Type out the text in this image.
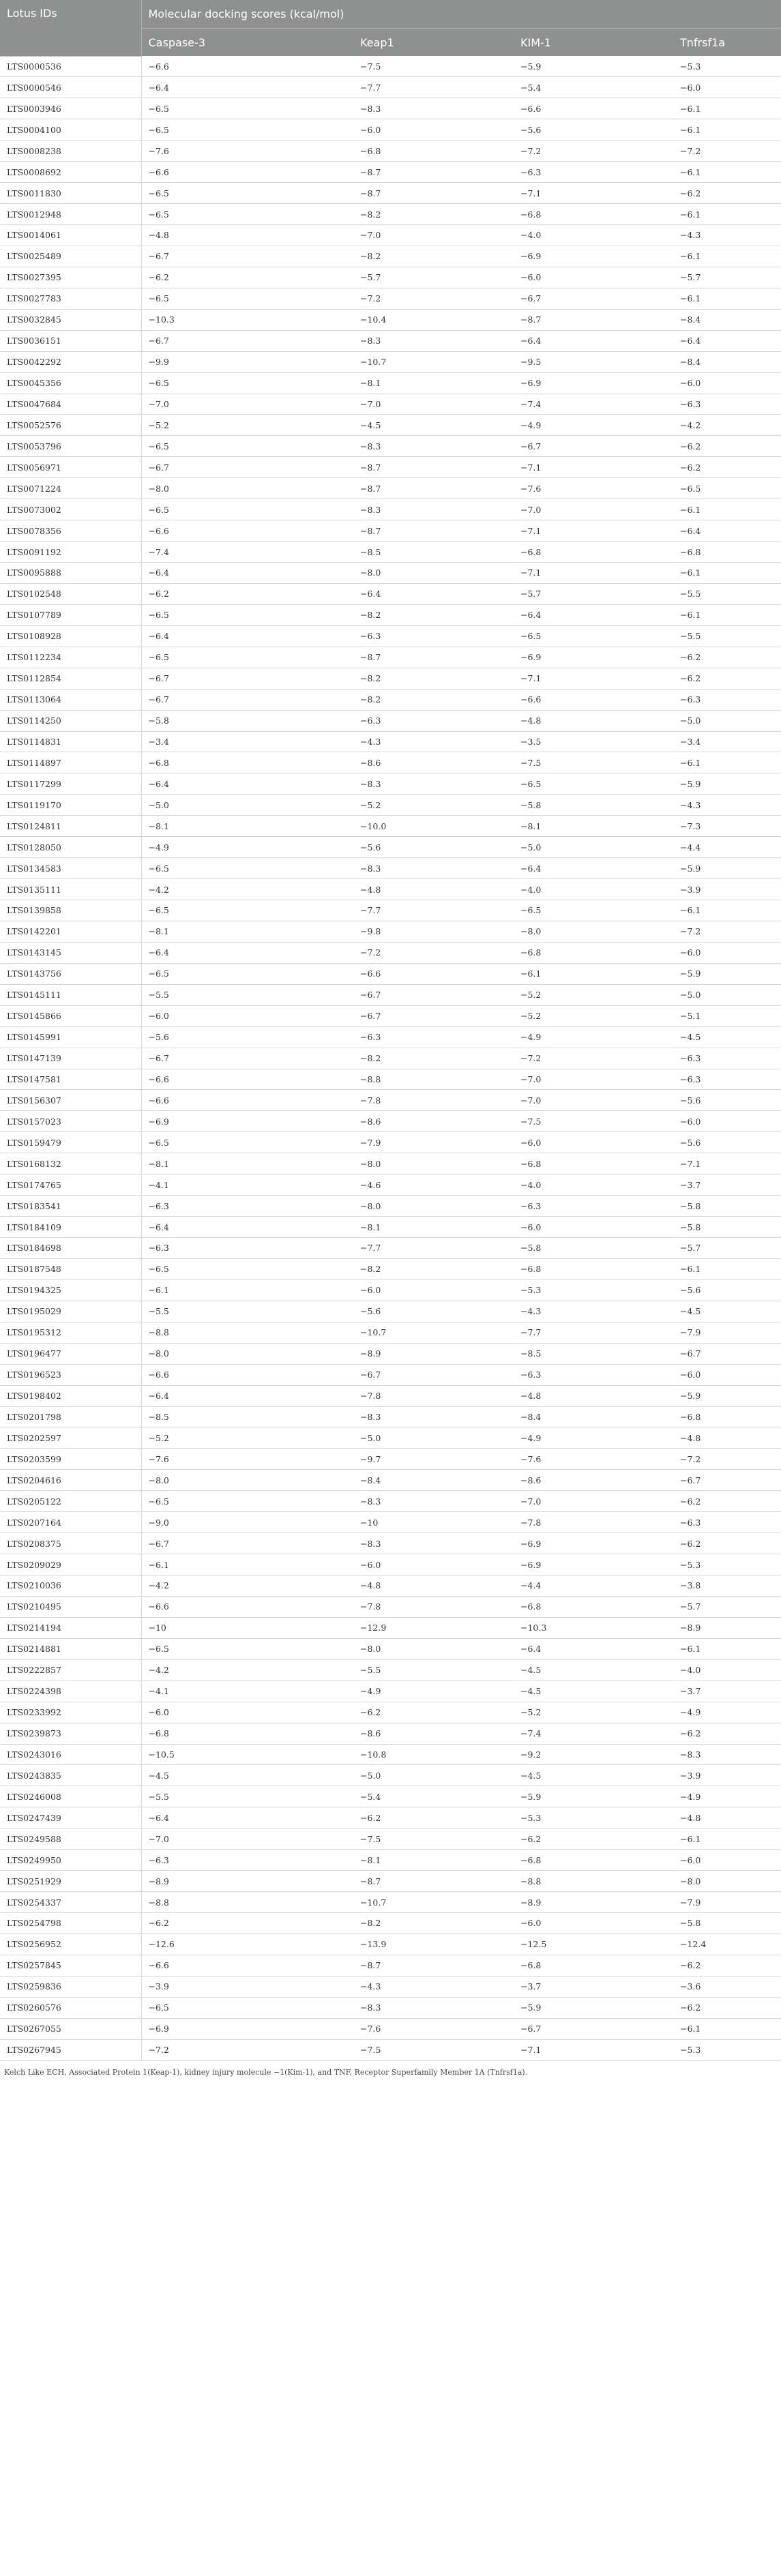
Lotus IDs	Molecular docking scores (kcal/mol)			
	Caspase-3	Keap1	KIM-1	Tnfrsf1a
LTS0000536	−6.6	−7.5	−5.9	−5.3
LTS0000546	−6.4	−7.7	−5.4	−6.0
LTS0003946	−6.5	−8.3	−6.6	−6.1
LTS0004100	−6.5	−6.0	−5.6	−6.1
LTS0008238	−7.6	−6.8	−7.2	−7.2
LTS0008692	−6.6	−8.7	−6.3	−6.1
LTS0011830	−6.5	−8.7	−7.1	−6.2
LTS0012948	−6.5	−8.2	−6.8	−6.1
LTS0014061	−4.8	−7.0	−4.0	−4.3
LTS0025489	−6.7	−8.2	−6.9	−6.1
LTS0027395	−6.2	−5.7	−6.0	−5.7
LTS0027783	−6.5	−7.2	−6.7	−6.1
LTS0032845	−10.3	−10.4	−8.7	−8.4
LTS0036151	−6.7	−8.3	−6.4	−6.4
LTS0042292	−9.9	−10.7	−9.5	−8.4
LTS0045356	−6.5	−8.1	−6.9	−6.0
LTS0047684	−7.0	−7.0	−7.4	−6.3
LTS0052576	−5.2	−4.5	−4.9	−4.2
LTS0053796	−6.5	−8.3	−6.7	−6.2
LTS0056971	−6.7	−8.7	−7.1	−6.2
LTS0071224	−8.0	−8.7	−7.6	−6.5
LTS0073002	−6.5	−8.3	−7.0	−6.1
LTS0078356	−6.6	−8.7	−7.1	−6.4
LTS0091192	−7.4	−8.5	−6.8	−6.8
LTS0095888	−6.4	−8.0	−7.1	−6.1
LTS0102548	−6.2	−6.4	−5.7	−5.5
LTS0107789	−6.5	−8.2	−6.4	−6.1
LTS0108928	−6.4	−6.3	−6.5	−5.5
LTS0112234	−6.5	−8.7	−6.9	−6.2
LTS0112854	−6.7	−8.2	−7.1	−6.2
LTS0113064	−6.7	−8.2	−6.6	−6.3
LTS0114250	−5.8	−6.3	−4.8	−5.0
LTS0114831	−3.4	−4.3	−3.5	−3.4
LTS0114897	−6.8	−8.6	−7.5	−6.1
LTS0117299	−6.4	−8.3	−6.5	−5.9
LTS0119170	−5.0	−5.2	−5.8	−4.3
LTS0124811	−8.1	−10.0	−8.1	−7.3
LTS0128050	−4.9	−5.6	−5.0	−4.4
LTS0134583	−6.5	−8.3	−6.4	−5.9
LTS0135111	−4.2	−4.8	−4.0	−3.9
LTS0139858	−6.5	−7.7	−6.5	−6.1
LTS0142201	−8.1	−9.8	−8.0	−7.2
LTS0143145	−6.4	−7.2	−6.8	−6.0
LTS0143756	−6.5	−6.6	−6.1	−5.9
LTS0145111	−5.5	−6.7	−5.2	−5.0
LTS0145866	−6.0	−6.7	−5.2	−5.1
LTS0145991	−5.6	−6.3	−4.9	−4.5
LTS0147139	−6.7	−8.2	−7.2	−6.3
LTS0147581	−6.6	−8.8	−7.0	−6.3
LTS0156307	−6.6	−7.8	−7.0	−5.6
LTS0157023	−6.9	−8.6	−7.5	−6.0
LTS0159479	−6.5	−7.9	−6.0	−5.6
LTS0168132	−8.1	−8.0	−6.8	−7.1
LTS0174765	−4.1	−4.6	−4.0	−3.7
LTS0183541	−6.3	−8.0	−6.3	−5.8
LTS0184109	−6.4	−8.1	−6.0	−5.8
LTS0184698	−6.3	−7.7	−5.8	−5.7
LTS0187548	−6.5	−8.2	−6.8	−6.1
LTS0194325	−6.1	−6.0	−5.3	−5.6
LTS0195029	−5.5	−5.6	−4.3	−4.5
LTS0195312	−8.8	−10.7	−7.7	−7.9
LTS0196477	−8.0	−8.9	−8.5	−6.7
LTS0196523	−6.6	−6.7	−6.3	−6.0
LTS0198402	−6.4	−7.8	−4.8	−5.9
LTS0201798	−8.5	−8.3	−8.4	−6.8
LTS0202597	−5.2	−5.0	−4.9	−4.8
LTS0203599	−7.6	−9.7	−7.6	−7.2
LTS0204616	−8.0	−8.4	−8.6	−6.7
LTS0205122	−6.5	−8.3	−7.0	−6.2
LTS0207164	−9.0	−10	−7.8	−6.3
LTS0208375	−6.7	−8.3	−6.9	−6.2
LTS0209029	−6.1	−6.0	−6.9	−5.3
LTS0210036	−4.2	−4.8	−4.4	−3.8
LTS0210495	−6.6	−7.8	−6.8	−5.7
LTS0214194	−10	−12.9	−10.3	−8.9
LTS0214881	−6.5	−8.0	−6.4	−6.1
LTS0222857	−4.2	−5.5	−4.5	−4.0
LTS0224398	−4.1	−4.9	−4.5	−3.7
LTS0233992	−6.0	−6.2	−5.2	−4.9
LTS0239873	−6.8	−8.6	−7.4	−6.2
LTS0243016	−10.5	−10.8	−9.2	−8.3
LTS0243835	−4.5	−5.0	−4.5	−3.9
LTS0246008	−5.5	−5.4	−5.9	−4.9
LTS0247439	−6.4	−6.2	−5.3	−4.8
LTS0249588	−7.0	−7.5	−6.2	−6.1
LTS0249950	−6.3	−8.1	−6.8	−6.0
LTS0251929	−8.9	−8.7	−8.8	−8.0
LTS0254337	−8.8	−10.7	−8.9	−7.9
LTS0254798	−6.2	−8.2	−6.0	−5.8
LTS0256952	−12.6	−13.9	−12.5	−12.4
LTS0257845	−6.6	−8.7	−6.8	−6.2
LTS0259836	−3.9	−4.3	−3.7	−3.6
LTS0260576	−6.5	−8.3	−5.9	−6.2
LTS0267055	−6.9	−7.6	−6.7	−6.1
LTS0267945	−7.2	−7.5	−7.1	−5.3
Kelch Like ECH, Associated Protein 1(Keap-1), kidney injury molecule −1(Kim-1), and TNF, Receptor Superfamily Member 1A (Tnfrsf1a).
